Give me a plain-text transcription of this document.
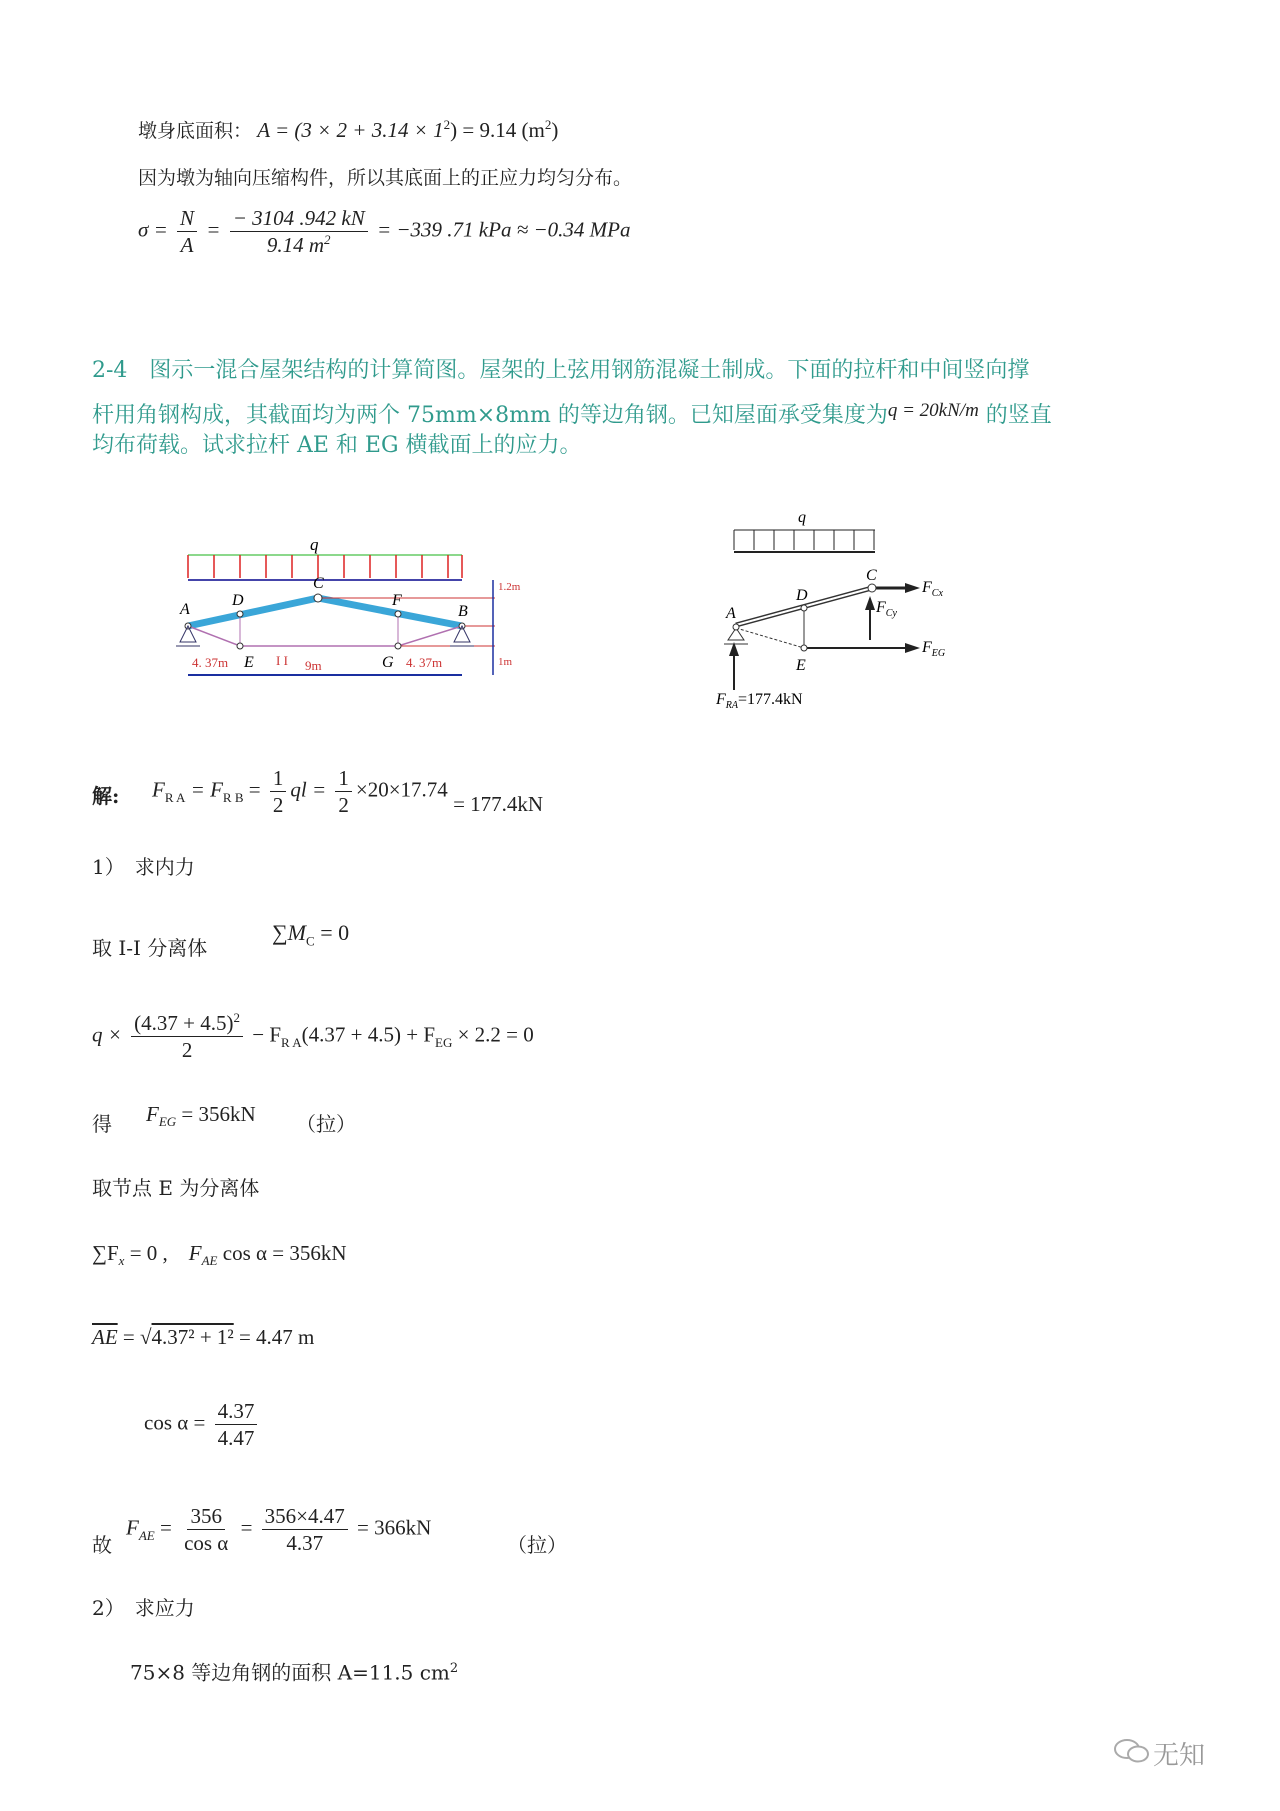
墩身底面积： $A = (3 \times 2 + 3.14 \times 1^2) = 9.14$ $(m^2)$
因为墩为轴向压缩构件，所以其底面上的正应力均匀分布。
$\sigma = \frac{N}{A} = \frac{- 3104 .942 kN}{9.14 m^2} = -339$ .71 kPa ≈ −0.34 MPa
2-4　图示一混合屋架结构的计算简图。屋架的上弦用钢筋混凝土制成。下面的拉杆和中间竖向撑
杆用角钢构成，其截面均为两个 75mm×8mm 的等边角钢。已知屋面承受集度为q = 20kN/m 的竖直
均布荷载。试求拉杆 AE 和 EG 横截面上的应力。
q
A
D
C
F
B
E	G
4. 37m	9m	4. 37m
I I
1.2m
1m
q
A
D
C
E
$F_{Cx}$
$F_{Cy}$
$F_{EG}$
$F_{RA}=177.4kN$
解: $F_{R A} = F_{R B} = \frac{1}{2}$ ql = $\frac{1}{2} \times 20\times 17.74 = 177.4kN$
1）　求内力
取 I-I 分离体
$\sum M_C = 0$
$q \times \frac{(4.37 + 4.5)^2}{2} - F_{R A}(4.37 + 4.5) + F_{EG} \times 2.2 = 0$
得 $F_{EG} = 356kN$ （拉）
取节点 E 为分离体
$\sum F_x = 0$ , $F_{AE}$ cos α = 356kN
$\overline{AE} = √4.37^2 + 1^2 = 4.47$ m
$\cos \alpha = \frac{4.37}{4.47}$
故
$F_{AE} = \frac{356}{\text{cos α}} = \frac{356\times 4.47}{4.37} = 366kN$
（拉）
2）　求应力
75×8 等边角钢的面积 A=11.5 $cm^2$
无知
